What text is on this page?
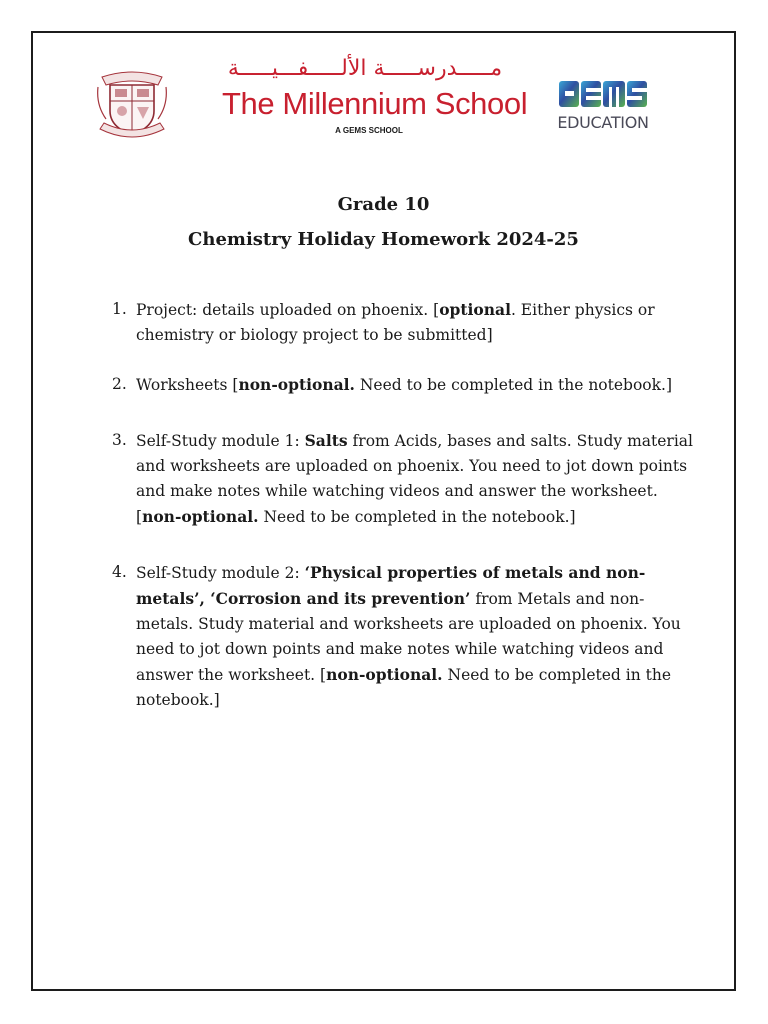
مـــــدرســـــة الألـــــفـــيـــــة
The Millennium School
A GEMS SCHOOL	EDUCATION
Grade 10
Chemistry Holiday Homework 2024-25
1. Project: details uploaded on phoenix. [optional. Either physics or chemistry or biology project to be submitted]
2. Worksheets [non-optional. Need to be completed in the notebook.]
3. Self-Study module 1: Salts from Acids, bases and salts. Study material and worksheets are uploaded on phoenix. You need to jot down points and make notes while watching videos and answer the worksheet. [non-optional. Need to be completed in the notebook.]
4. Self-Study module 2: ‘Physical properties of metals and non-metals’, ‘Corrosion and its prevention’ from Metals and non-metals. Study material and worksheets are uploaded on phoenix. You need to jot down points and make notes while watching videos and answer the worksheet. [non-optional. Need to be completed in the notebook.]
